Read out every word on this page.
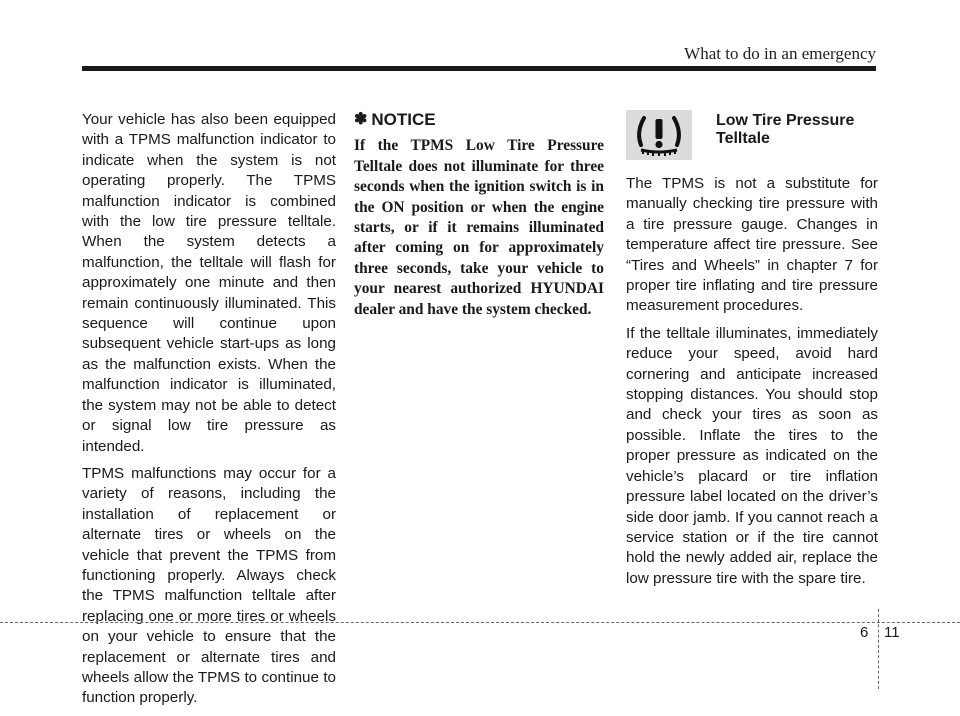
What to do in an emergency

Your vehicle has also been equipped with a TPMS malfunction indicator to indicate when the system is not operating properly. The TPMS malfunction indicator is combined with the low tire pressure telltale. When the system detects a malfunction, the telltale will flash for approximately one minute and then remain continuously illuminated. This sequence will continue upon subsequent vehicle start-ups as long as the malfunction exists. When the malfunction indicator is illuminated, the system may not be able to detect or signal low tire pressure as intended.

TPMS malfunctions may occur for a variety of reasons, including the installation of replacement or alternate tires or wheels on the vehicle that prevent the TPMS from functioning properly. Always check the TPMS malfunction telltale after replacing one or more tires or wheels on your vehicle to ensure that the replacement or alternate tires and wheels allow the TPMS to continue to function properly.

✽ NOTICE

If the TPMS Low Tire Pressure Telltale does not illuminate for three seconds when the ignition switch is in the ON position or when the engine starts, or if it remains illuminated after coming on for approximately three seconds, take your vehicle to your nearest authorized HYUNDAI dealer and have the system checked.

Low Tire Pressure Telltale

The TPMS is not a substitute for manually checking tire pressure with a tire pressure gauge. Changes in temperature affect tire pressure. See “Tires and Wheels” in chapter 7 for proper tire inflating and tire pressure measurement procedures.

If the telltale illuminates, immediately reduce your speed, avoid hard cornering and anticipate increased stopping distances. You should stop and check your tires as soon as possible. Inflate the tires to the proper pressure as indicated on the vehicle’s placard or tire inflation pressure label located on the driver’s side door jamb. If you cannot reach a service station or if the tire cannot hold the newly added air, replace the low pressure tire with the spare tire.

6 11
